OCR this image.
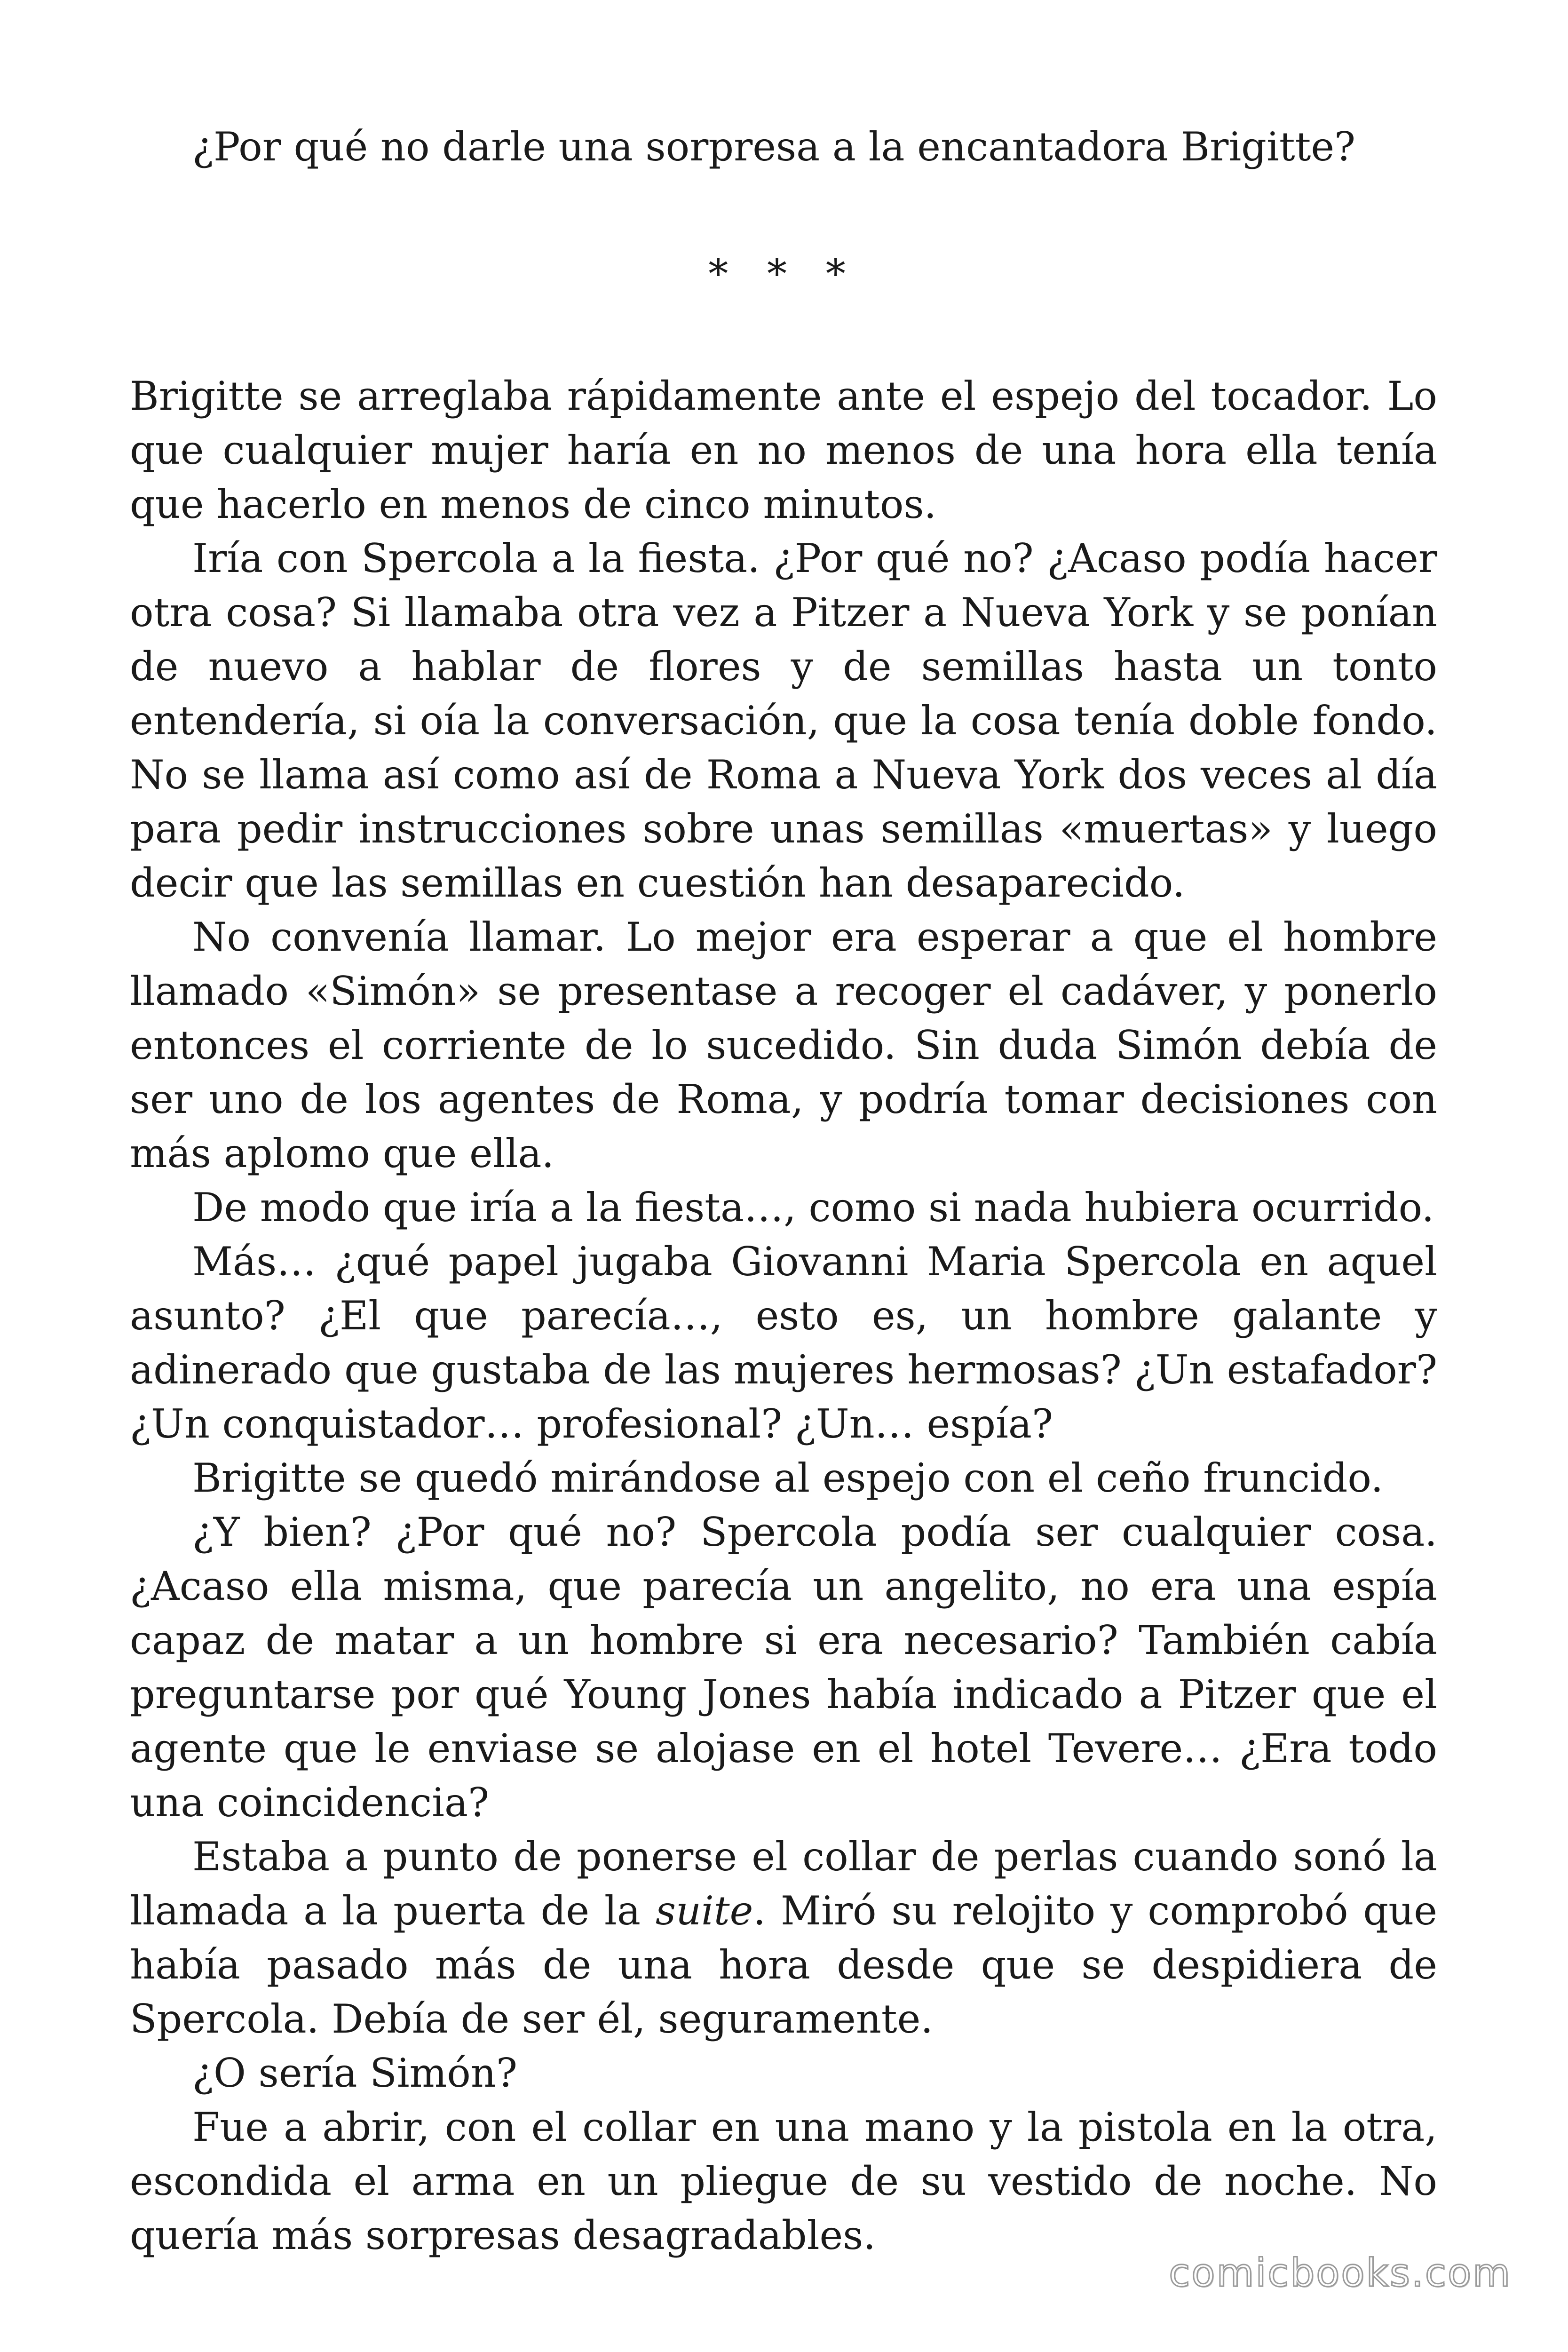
¿Por qué no darle una sorpresa a la encantadora Brigitte?

* * *

Brigitte se arreglaba rápidamente ante el espejo del tocador. Lo que cualquier mujer haría en no menos de una hora ella tenía que hacerlo en menos de cinco minutos.

Iría con Spercola a la fiesta. ¿Por qué no? ¿Acaso podía hacer otra cosa? Si llamaba otra vez a Pitzer a Nueva York y se ponían de nuevo a hablar de flores y de semillas hasta un tonto entendería, si oía la conversación, que la cosa tenía doble fondo. No se llama así como así de Roma a Nueva York dos veces al día para pedir instrucciones sobre unas semillas «muertas» y luego decir que las semillas en cuestión han desaparecido.

No convenía llamar. Lo mejor era esperar a que el hombre llamado «Simón» se presentase a recoger el cadáver, y ponerlo entonces el corriente de lo sucedido. Sin duda Simón debía de ser uno de los agentes de Roma, y podría tomar decisiones con más aplomo que ella.

De modo que iría a la fiesta…, como si nada hubiera ocurrido.

Más… ¿qué papel jugaba Giovanni Maria Spercola en aquel asunto? ¿El que parecía…, esto es, un hombre galante y adinerado que gustaba de las mujeres hermosas? ¿Un estafador? ¿Un conquistador… profesional? ¿Un… espía?

Brigitte se quedó mirándose al espejo con el ceño fruncido.

¿Y bien? ¿Por qué no? Spercola podía ser cualquier cosa. ¿Acaso ella misma, que parecía un angelito, no era una espía capaz de matar a un hombre si era necesario? También cabía preguntarse por qué Young Jones había indicado a Pitzer que el agente que le enviase se alojase en el hotel Tevere… ¿Era todo una coincidencia?

Estaba a punto de ponerse el collar de perlas cuando sonó la llamada a la puerta de la suite. Miró su relojito y comprobó que había pasado más de una hora desde que se despidiera de Spercola. Debía de ser él, seguramente.

¿O sería Simón?

Fue a abrir, con el collar en una mano y la pistola en la otra, escondida el arma en un pliegue de su vestido de noche. No quería más sorpresas desagradables.

comicbooks.com
